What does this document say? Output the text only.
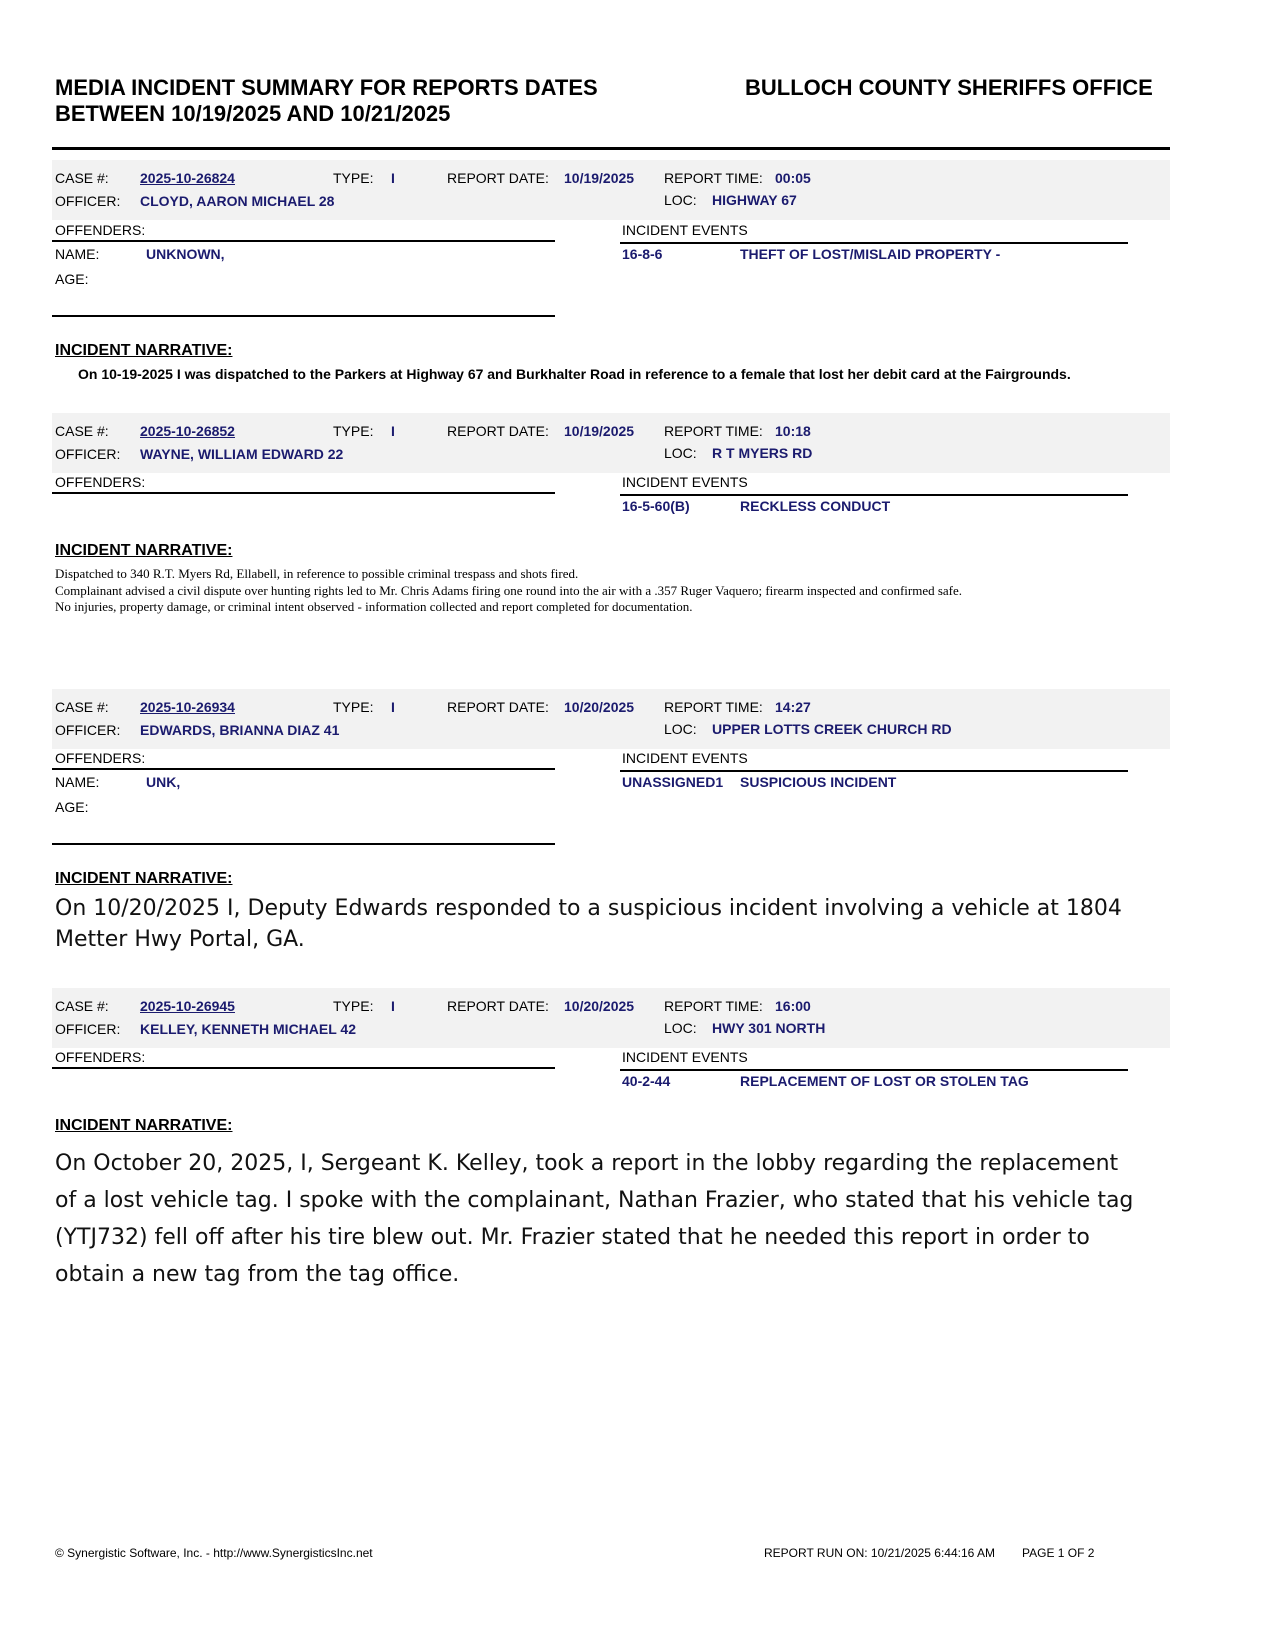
MEDIA INCIDENT SUMMARY FOR REPORTS DATES
BETWEEN 10/19/2025 AND 10/21/2025
BULLOCH COUNTY SHERIFFS OFFICE
CASE #: 2025-10-26824	TYPE: I	REPORT DATE: 10/19/2025 REPORT TIME: 00:05
OFFICER: CLOYD, AARON MICHAEL 28	LOC: HIGHWAY 67
OFFENDERS:	INCIDENT EVENTS
NAME:	UNKNOWN,	16-8-6	THEFT OF LOST/MISLAID PROPERTY -
AGE:
INCIDENT NARRATIVE:
On 10-19-2025 I was dispatched to the Parkers at Highway 67 and Burkhalter Road in reference to a female that lost her debit card at the Fairgrounds.
CASE #: 2025-10-26852	TYPE: I	REPORT DATE: 10/19/2025 REPORT TIME: 10:18
OFFICER: WAYNE, WILLIAM EDWARD 22	LOC: R T MYERS RD
OFFENDERS:	INCIDENT EVENTS
16-5-60(B)	RECKLESS CONDUCT
INCIDENT NARRATIVE:
Dispatched to 340 R.T. Myers Rd, Ellabell, in reference to possible criminal trespass and shots fired.
Complainant advised a civil dispute over hunting rights led to Mr. Chris Adams firing one round into the air with a .357 Ruger Vaquero; firearm inspected and confirmed safe.
No injuries, property damage, or criminal intent observed - information collected and report completed for documentation.
CASE #: 2025-10-26934	TYPE: I	REPORT DATE: 10/20/2025 REPORT TIME: 14:27
OFFICER: EDWARDS, BRIANNA DIAZ 41	LOC: UPPER LOTTS CREEK CHURCH RD
OFFENDERS:	INCIDENT EVENTS
NAME:	UNK,	UNASSIGNED1 SUSPICIOUS INCIDENT
AGE:
INCIDENT NARRATIVE:
On 10/20/2025 I, Deputy Edwards responded to a suspicious incident involving a vehicle at 1804 Metter Hwy Portal, GA.
CASE #: 2025-10-26945	TYPE: I	REPORT DATE: 10/20/2025 REPORT TIME: 16:00
OFFICER: KELLEY, KENNETH MICHAEL 42	LOC: HWY 301 NORTH
OFFENDERS:	INCIDENT EVENTS
40-2-44	REPLACEMENT OF LOST OR STOLEN TAG
INCIDENT NARRATIVE:
On October 20, 2025, I, Sergeant K. Kelley, took a report in the lobby regarding the replacement of a lost vehicle tag. I spoke with the complainant, Nathan Frazier, who stated that his vehicle tag (YTJ732) fell off after his tire blew out. Mr. Frazier stated that he needed this report in order to obtain a new tag from the tag office.
© Synergistic Software, Inc. - http://www.SynergisticsInc.net	REPORT RUN ON: 10/21/2025 6:44:16 AM PAGE 1 OF 2
